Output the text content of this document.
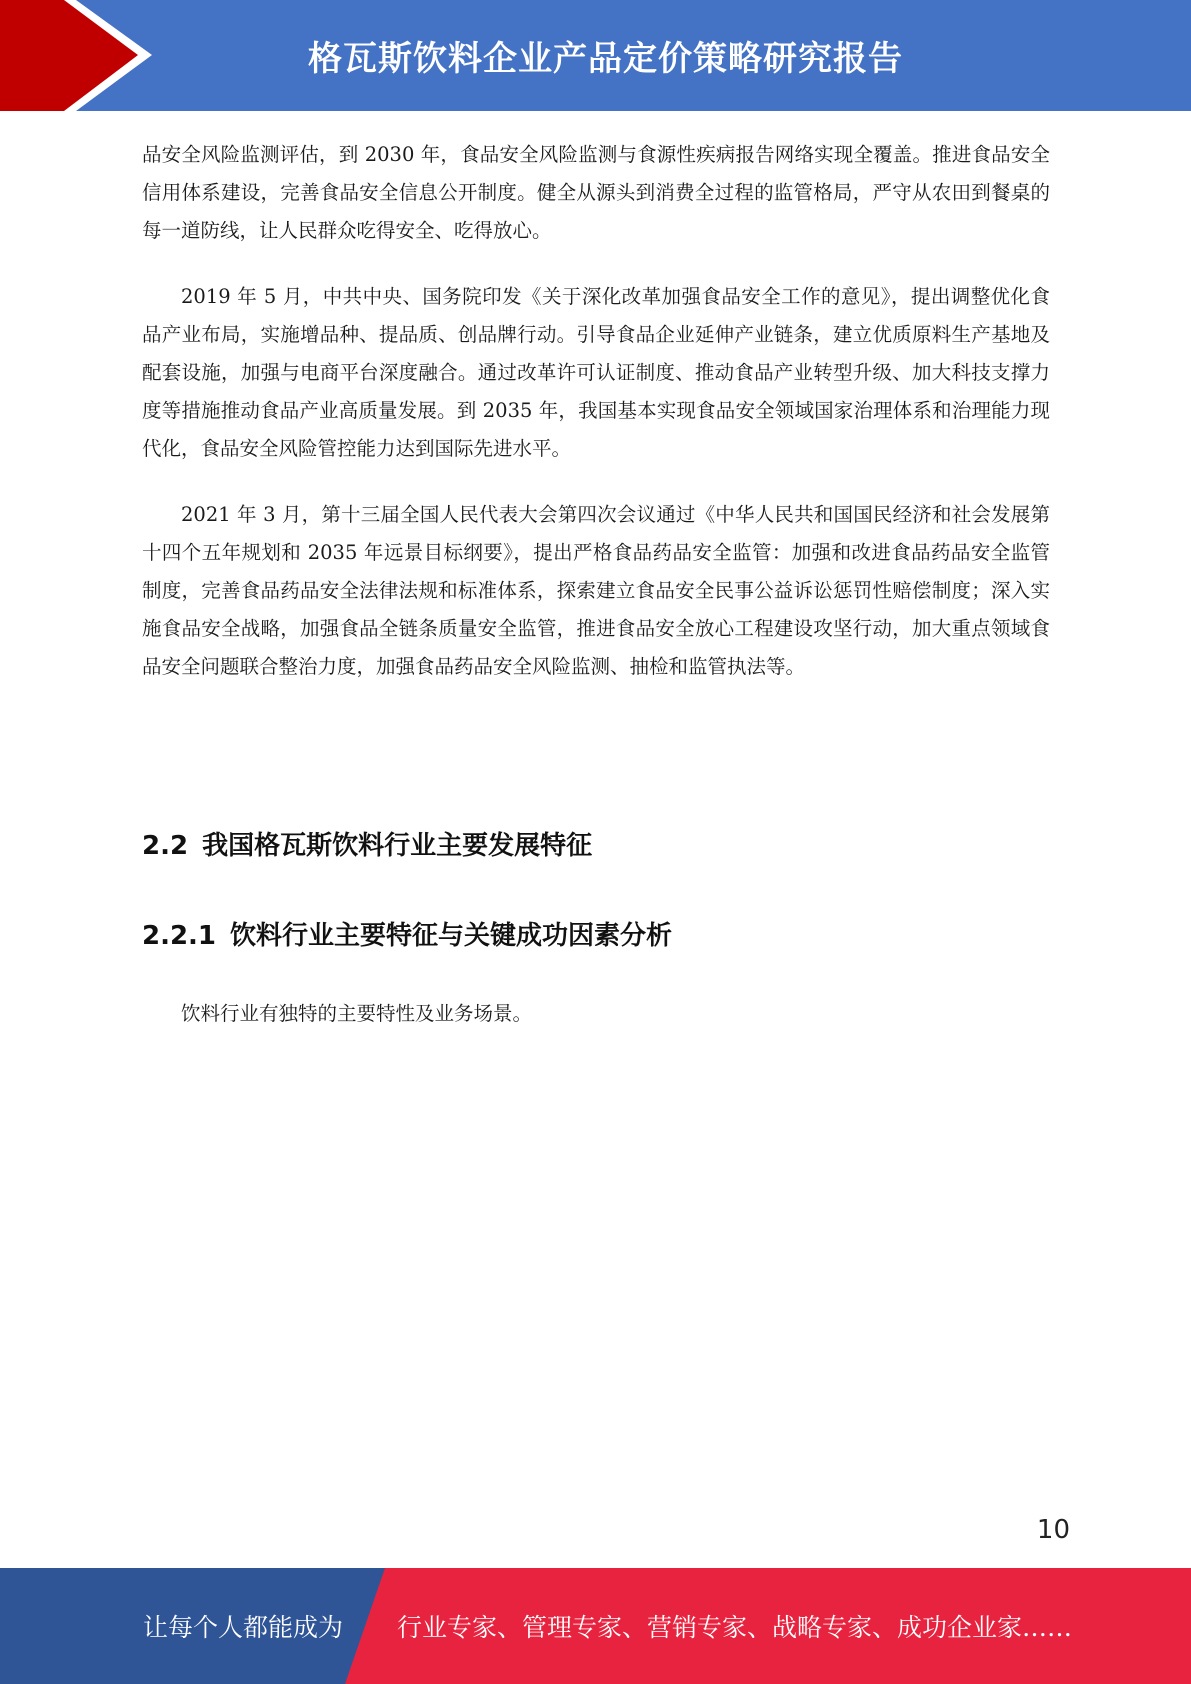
格瓦斯饮料企业产品定价策略研究报告

品安全风险监测评估，到 2030 年，食品安全风险监测与食源性疾病报告网络实现全覆盖。推进食品安全信用体系建设，完善食品安全信息公开制度。健全从源头到消费全过程的监管格局，严守从农田到餐桌的每一道防线，让人民群众吃得安全、吃得放心。

2019 年 5 月，中共中央、国务院印发《关于深化改革加强食品安全工作的意见》，提出调整优化食品产业布局，实施增品种、提品质、创品牌行动。引导食品企业延伸产业链条，建立优质原料生产基地及配套设施，加强与电商平台深度融合。通过改革许可认证制度、推动食品产业转型升级、加大科技支撑力度等措施推动食品产业高质量发展。到 2035 年，我国基本实现食品安全领域国家治理体系和治理能力现代化，食品安全风险管控能力达到国际先进水平。

2021 年 3 月，第十三届全国人民代表大会第四次会议通过《中华人民共和国国民经济和社会发展第十四个五年规划和 2035 年远景目标纲要》，提出严格食品药品安全监管：加强和改进食品药品安全监管制度，完善食品药品安全法律法规和标准体系，探索建立食品安全民事公益诉讼惩罚性赔偿制度；深入实施食品安全战略，加强食品全链条质量安全监管，推进食品安全放心工程建设攻坚行动，加大重点领域食品安全问题联合整治力度，加强食品药品安全风险监测、抽检和监管执法等。

2.2 我国格瓦斯饮料行业主要发展特征
2.2.1 饮料行业主要特征与关键成功因素分析

饮料行业有独特的主要特性及业务场景。

10
让每个人都能成为 行业专家、管理专家、营销专家、战略专家、成功企业家……
